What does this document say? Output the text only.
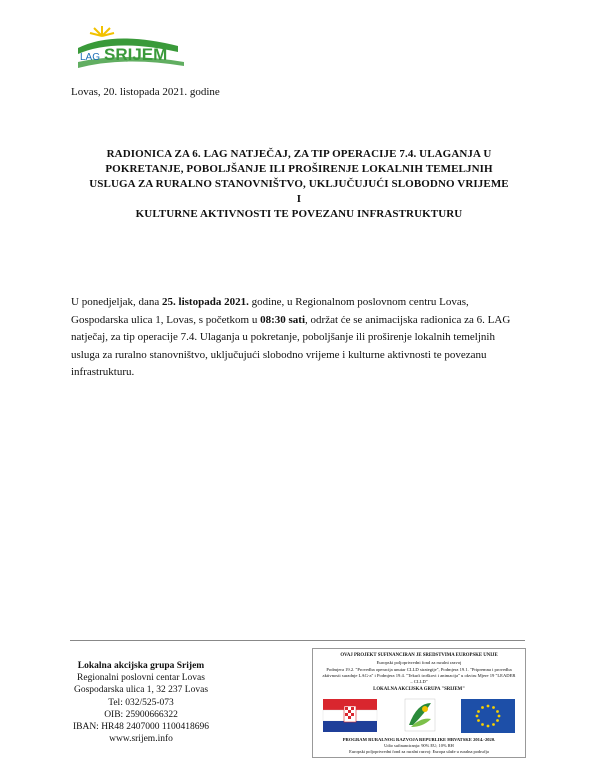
LAG SRIJEM
Lovas, 20. listopada 2021. godine
RADIONICA ZA 6. LAG NATJEČAJ, ZA TIP OPERACIJE 7.4. ULAGANJA U
POKRETANJE, POBOLJŠANJE ILI PROŠIRENJE LOKALNIH TEMELJNIH
USLUGA ZA RURALNO STANOVNIŠTVO, UKLJUČUJUĆI SLOBODNO VRIJEME I
KULTURNE AKTIVNOSTI TE POVEZANU INFRASTRUKTURU
U ponedjeljak, dana 25. listopada 2021. godine, u Regionalnom poslovnom centru Lovas, Gospodarska ulica 1, Lovas, s početkom u 08:30 sati, održat će se animacijska radionica za 6. LAG natječaj, za tip operacije 7.4. Ulaganja u pokretanje, poboljšanje ili proširenje lokalnih temeljnih usluga za ruralno stanovništvo, uključujući slobodno vrijeme i kulturne aktivnosti te povezanu infrastrukturu.
Lokalna akcijska grupa Srijem
Regionalni poslovni centar Lovas
Gospodarska ulica 1, 32 237 Lovas
Tel: 032/525-073
OIB: 25900666322
IBAN: HR48 2407000 1100418696
www.srijem.info
OVAJ PROJEKT SUFINANCIRAN JE SREDSTVIMA EUROPSKE UNIJE
Europski poljoprivredni fond za ruralni razvoj
Podmjera 19.2. "Provedba operacija unutar CLLD strategije", Podmjera 19.1. "Pripremna i provedba aktivnosti suradnje LAG-a" i Podmjera 19.4. "Tekući troškovi i animacija" u okviru Mjere 19 "LEADER – CLLD"
LOKALNA AKCIJSKA GRUPA "SRIJEM"
PROGRAM RURALNOG RAZVOJA REPUBLIKE HRVATSKE 2014.-2020.
Udio sufinanciranja: 90% EU; 10% RH
Europski poljoprivredni fond za ruralni razvoj: Europa ulaže u ruralna područja
